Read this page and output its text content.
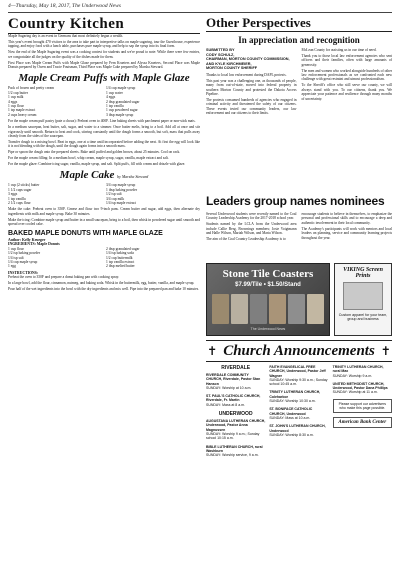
4—Thursday, May 18, 2017, The Underwood News
Country Kitchen

Maple Sugaring day is an event in Germans that most definitely began a wealth.

This year's event brought 470 visitors to the area to take part in interpretive talks on maple sugaring, tour the Guesthouse, experience tapping, and enjoy food with a lunch table, purchases pure maple syrup, and help to sap the syrup into its final form.

Now the end of the Maple Sugaring event was a cooking contest for students and we're proud to note: While there were few entries, we congratulate all the judges on the quality of the dishes made for them.

First Place was Maple Cream Puffs with Maple Glaze prepared by Fern Krueters and Alyssa Krueters, Second Place was Maple Donuts prepared by Owen and Tracie Foutsman, Third Place was Maple Cake prepared by Marsha Steward.

Maple Cream Puffs with Maple Glaze
Pack of frozen and pretty cream
1/2 cup butter
1 cup milk
4 eggs
1 cup flour
1 tsp maple extract
2 cups heavy cream
1/4 cup maple syrup
1 cup water
4 eggs
2 tbsp granulated sugar
1 tsp vanilla
1 cup powdered sugar
3 tbsp maple syrup

For the maple cream puff pastry (pate a choux): Preheat oven to 400F. Line baking sheets with parchment paper or non-stick mats.

In a medium saucepan, heat butter, salt, sugar, and water to a simmer. Once butter melts, bring to a boil. Add all at once and stir vigorously until smooth. Return to heat and cook, stirring constantly until the dough forms a smooth, but soft, mass that pulls away cleanly from the sides of the saucepan.

Transfer dough to a mixing bowl. Beat in eggs, one at a time until incorporated before adding the next. At first the egg will look like it is not blending with the dough, until the dough again forms into a smooth mass.

Pipe or spoon the dough onto the prepared sheets. Bake until puffed and golden brown, about 25 minutes. Cool on rack.

For the maple cream filling: In a medium bowl, whip cream, maple syrup, sugar, vanilla, maple extract and salt.

For the maple glaze: Combine icing sugar, vanilla, maple syrup, and salt. Split puffs, fill with cream and drizzle with glaze.

Maple Cake by Marsha Steward
1 cup (2 sticks) butter
1 1/2 cups sugar
3 eggs
1 tsp vanilla
2 1/2 cups flour
3/4 cup maple syrup
1 tbsp baking powder
1/2 tsp salt
3/4 cup milk
1/4 tsp maple extract

Make the cake: Preheat oven to 350F. Grease and flour two 9-inch pans. Cream butter and sugar, add eggs, then alternate dry ingredients with milk and maple syrup. Bake 30 minutes.

Make the icing: Combine maple syrup and butter in a small saucepan, bring to a boil, then whisk in powdered sugar until smooth and spread over cooled cake.

BAKED MAPLE DONUTS WITH MAPLE GLAZE
Author: Kelly Krueger
INGREDIENTS: Maple Donuts
1 cup flour
1/2 tsp baking powder
1/4 tsp salt
1/4 cup maple syrup
1 egg
2 tbsp granulated sugar
1/4 tsp baking soda
1/2 cup buttermilk
1 tsp vanilla extract
2 tbsp melted butter
INSTRUCTIONS:

Preheat the oven to 350F and prepare a donut baking pan with cooking spray.

In a large bowl, add the flour, cinnamon, nutmeg, and baking soda. Whisk in the buttermilk, egg, butter, vanilla, and maple syrup.

Pour half of the wet ingredients into the bowl with the dry ingredients and mix well. Pipe into the prepared pan and bake 10 minutes.

Other Perspectives
In appreciation and recognition
SUBMITTED BY
CODY SCHULZ,
CHAIRMAN, MORTON COUNTY COMMISSION,
AND KYLE KIRCHMEIER,
MORTON COUNTY SHERIFF

Thanks to local law enforcement during DAPL protests.

This past year was a challenging one, as thousands of people, many from out-of-state, moved into federal property in southern Morton County and protested the Dakota Access Pipeline.

The protests consumed hundreds of agencies who engaged in criminal activity and threatened the safety of our citizens. These events tested our community leaders, our law enforcement and our citizens to their limits.

McLean County for assisting us in our time of need.

Thank you to those local law enforcement agencies who sent officers and their families, often with large amounts of generosity.

The men and women who worked alongside hundreds of other law enforcement professionals as we confronted each new challenge with great restraint and utmost professionalism.

To the Sheriff's office who still serve our county, we will always stand with you. To our citizens, thank you. We appreciate your patience and resilience through many months of uncertainty.

Leaders group names nominees

Several Underwood students were recently named to the Coal Country Leadership Academy for the 2017-2018 school year.

Students named by the LCLA from the Underwood area include Callie Berg, Brownings members; Josie Voigtmann and Halle Wilson, Mariah Wilson, and Maria Wilson.

The aim of the Coal Country Leadership Academy is to

encourage students to believe in themselves, to emphasize the personal and professional skills and to encourage a deep and authentic involvement in their local community.

The Academy's participants will work with mentors and local leaders on planning, service and community learning projects throughout the year.

Stone Tile Coasters
$7.99/Tile • $1.50/Stand
The Underwood News
VIKING Screen Prints
Custom apparel for your team, group and business
✝ Church Announcements ✝
RIVERDALE
RIVERDALE COMMUNITY CHURCH, Riverdale, Pastor Stan Hanson
SUNDAY: Worship at 10 a.m.
ST. PAUL'S CATHOLIC CHURCH, Riverdale, Fr. Martin
SUNDAY: Mass at 8 a.m.
UNDERWOOD
AUGUSTANA LUTHERAN CHURCH, Underwood, Pastor Anna Magnussen
SUNDAY: Worship 9 a.m.; Sunday school 10:15 a.m.
BIBLE LUTHERAN CHURCH, rural Washburn
SUNDAY: Worship service, 9 a.m.
FAITH EVANGELICAL FREE CHURCH, Underwood, Pastor Jeff Wagner
SUNDAY: Worship 9:30 a.m.; Sunday school 10:45 a.m.
TRINITY LUTHERAN CHURCH, Coleharbor
SUNDAY: Worship 10:30 a.m.
ST. BONIFACE CATHOLIC CHURCH, Underwood
SUNDAY: Mass at 10 a.m.
ST. JOHN'S LUTHERAN CHURCH, Underwood
SUNDAY: Worship 8:30 a.m.
TRINITY LUTHERAN CHURCH, rural Max
SUNDAY: Worship 9 a.m.
UNITED METHODIST CHURCH, Underwood, Pastor Dana Phillips
SUNDAY: Worship at 11 a.m.
Please support our advertisers who make this page possible.
American Bank Center
